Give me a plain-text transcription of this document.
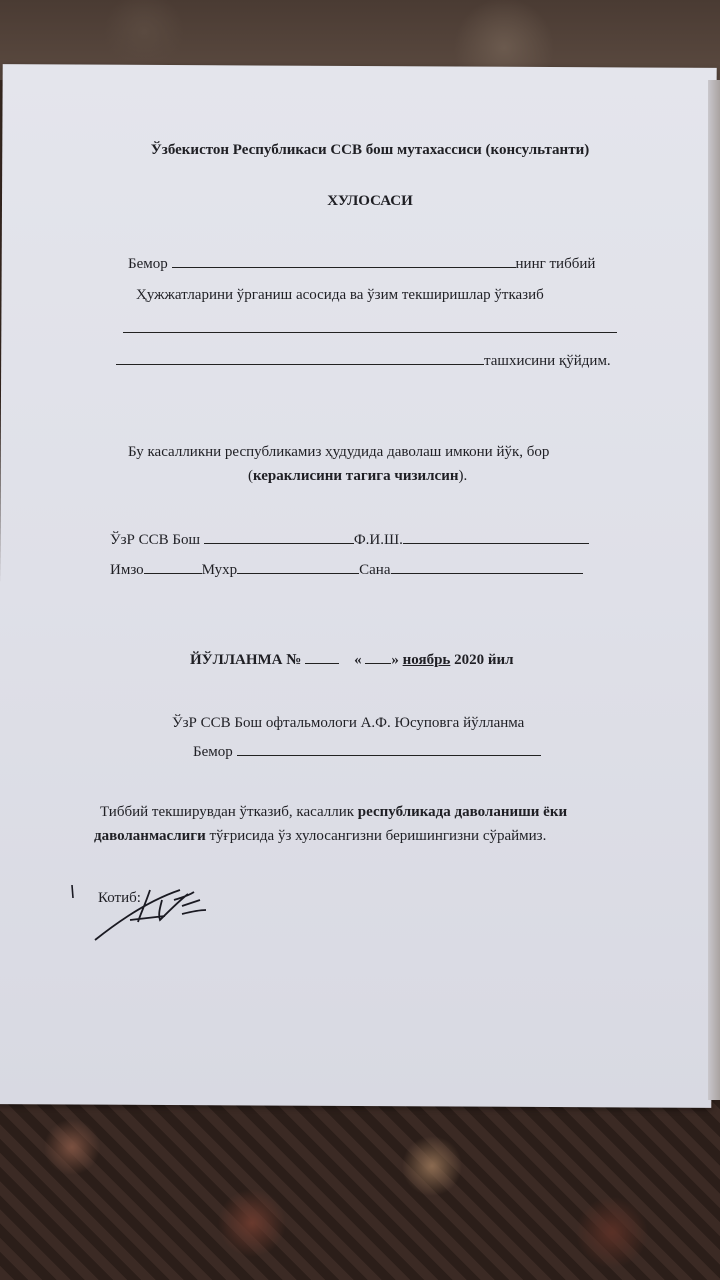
Ўзбекистон Республикаси ССВ бош мутахассиси (консультанти)
ХУЛОСАСИ
Бемор	нинг тиббий
Ҳужжатларини ўрганиш асосида ва ўзим текширишлар ўтказиб
ташхисини қўйдим.
Бу касалликни республикамиз ҳудудида даволаш имкони йўк, бор
(кераклисини тагига чизилсин).
ЎзР ССВ Бош	Ф.И.Ш.
Имзо	Мухр	Сана
ЙЎЛЛАНМА №	« » ноябрь 2020 йил
ЎзР ССВ Бош офтальмологи А.Ф. Юсуповга йўлланма
Бемор
Тиббий текширувдан ўтказиб, касаллик республикада даволаниши ёки
даволанмаслиги тўғрисида ўз хулосангизни беришингизни сўраймиз.
Котиб:
